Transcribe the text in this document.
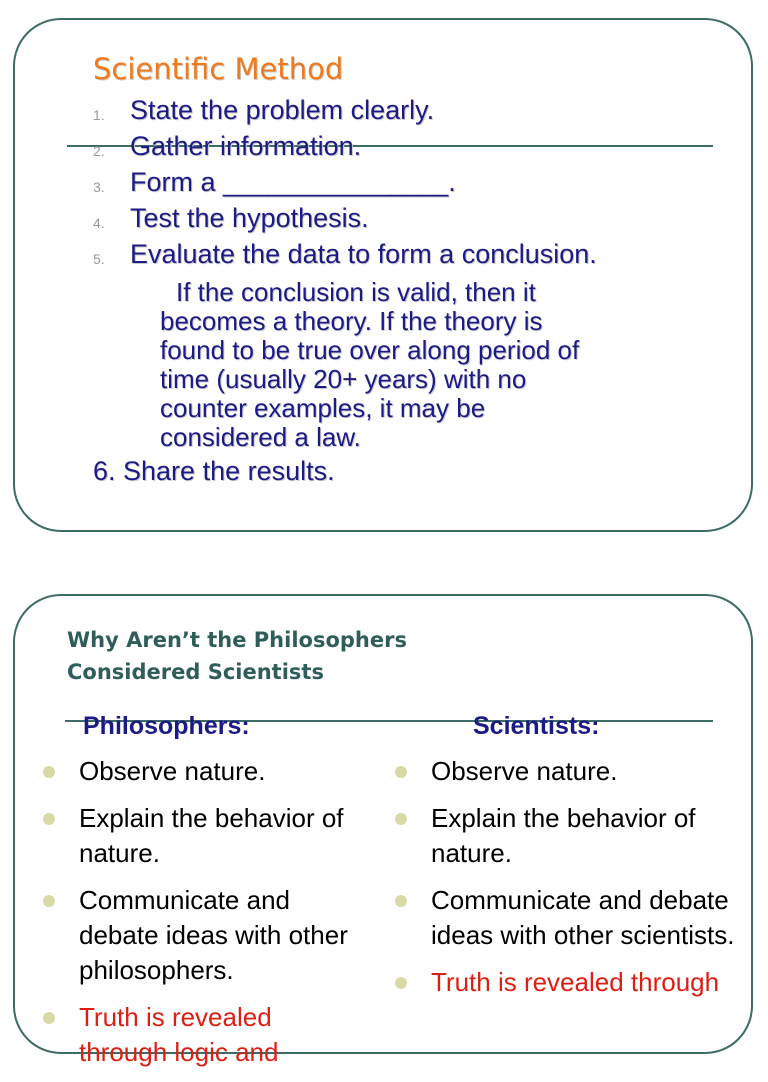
Scientific Method
1. State the problem clearly.
2. Gather information.
3. Form a _______________.
4. Test the hypothesis.
5. Evaluate the data to form a conclusion.

If the conclusion is valid, then it
becomes a theory. If the theory is
found to be true over along period of
time (usually 20+ years) with no
counter examples, it may be
considered a law.

6. Share the results.

Why Aren’t the Philosophers
Considered Scientists
Philosophers:	Scientists:
Observe nature.
Explain the behavior of nature.
Communicate and debate ideas with other philosophers.
Truth is revealed through logic and
Observe nature.
Explain the behavior of nature.
Communicate and debate ideas with other scientists.
Truth is revealed through
